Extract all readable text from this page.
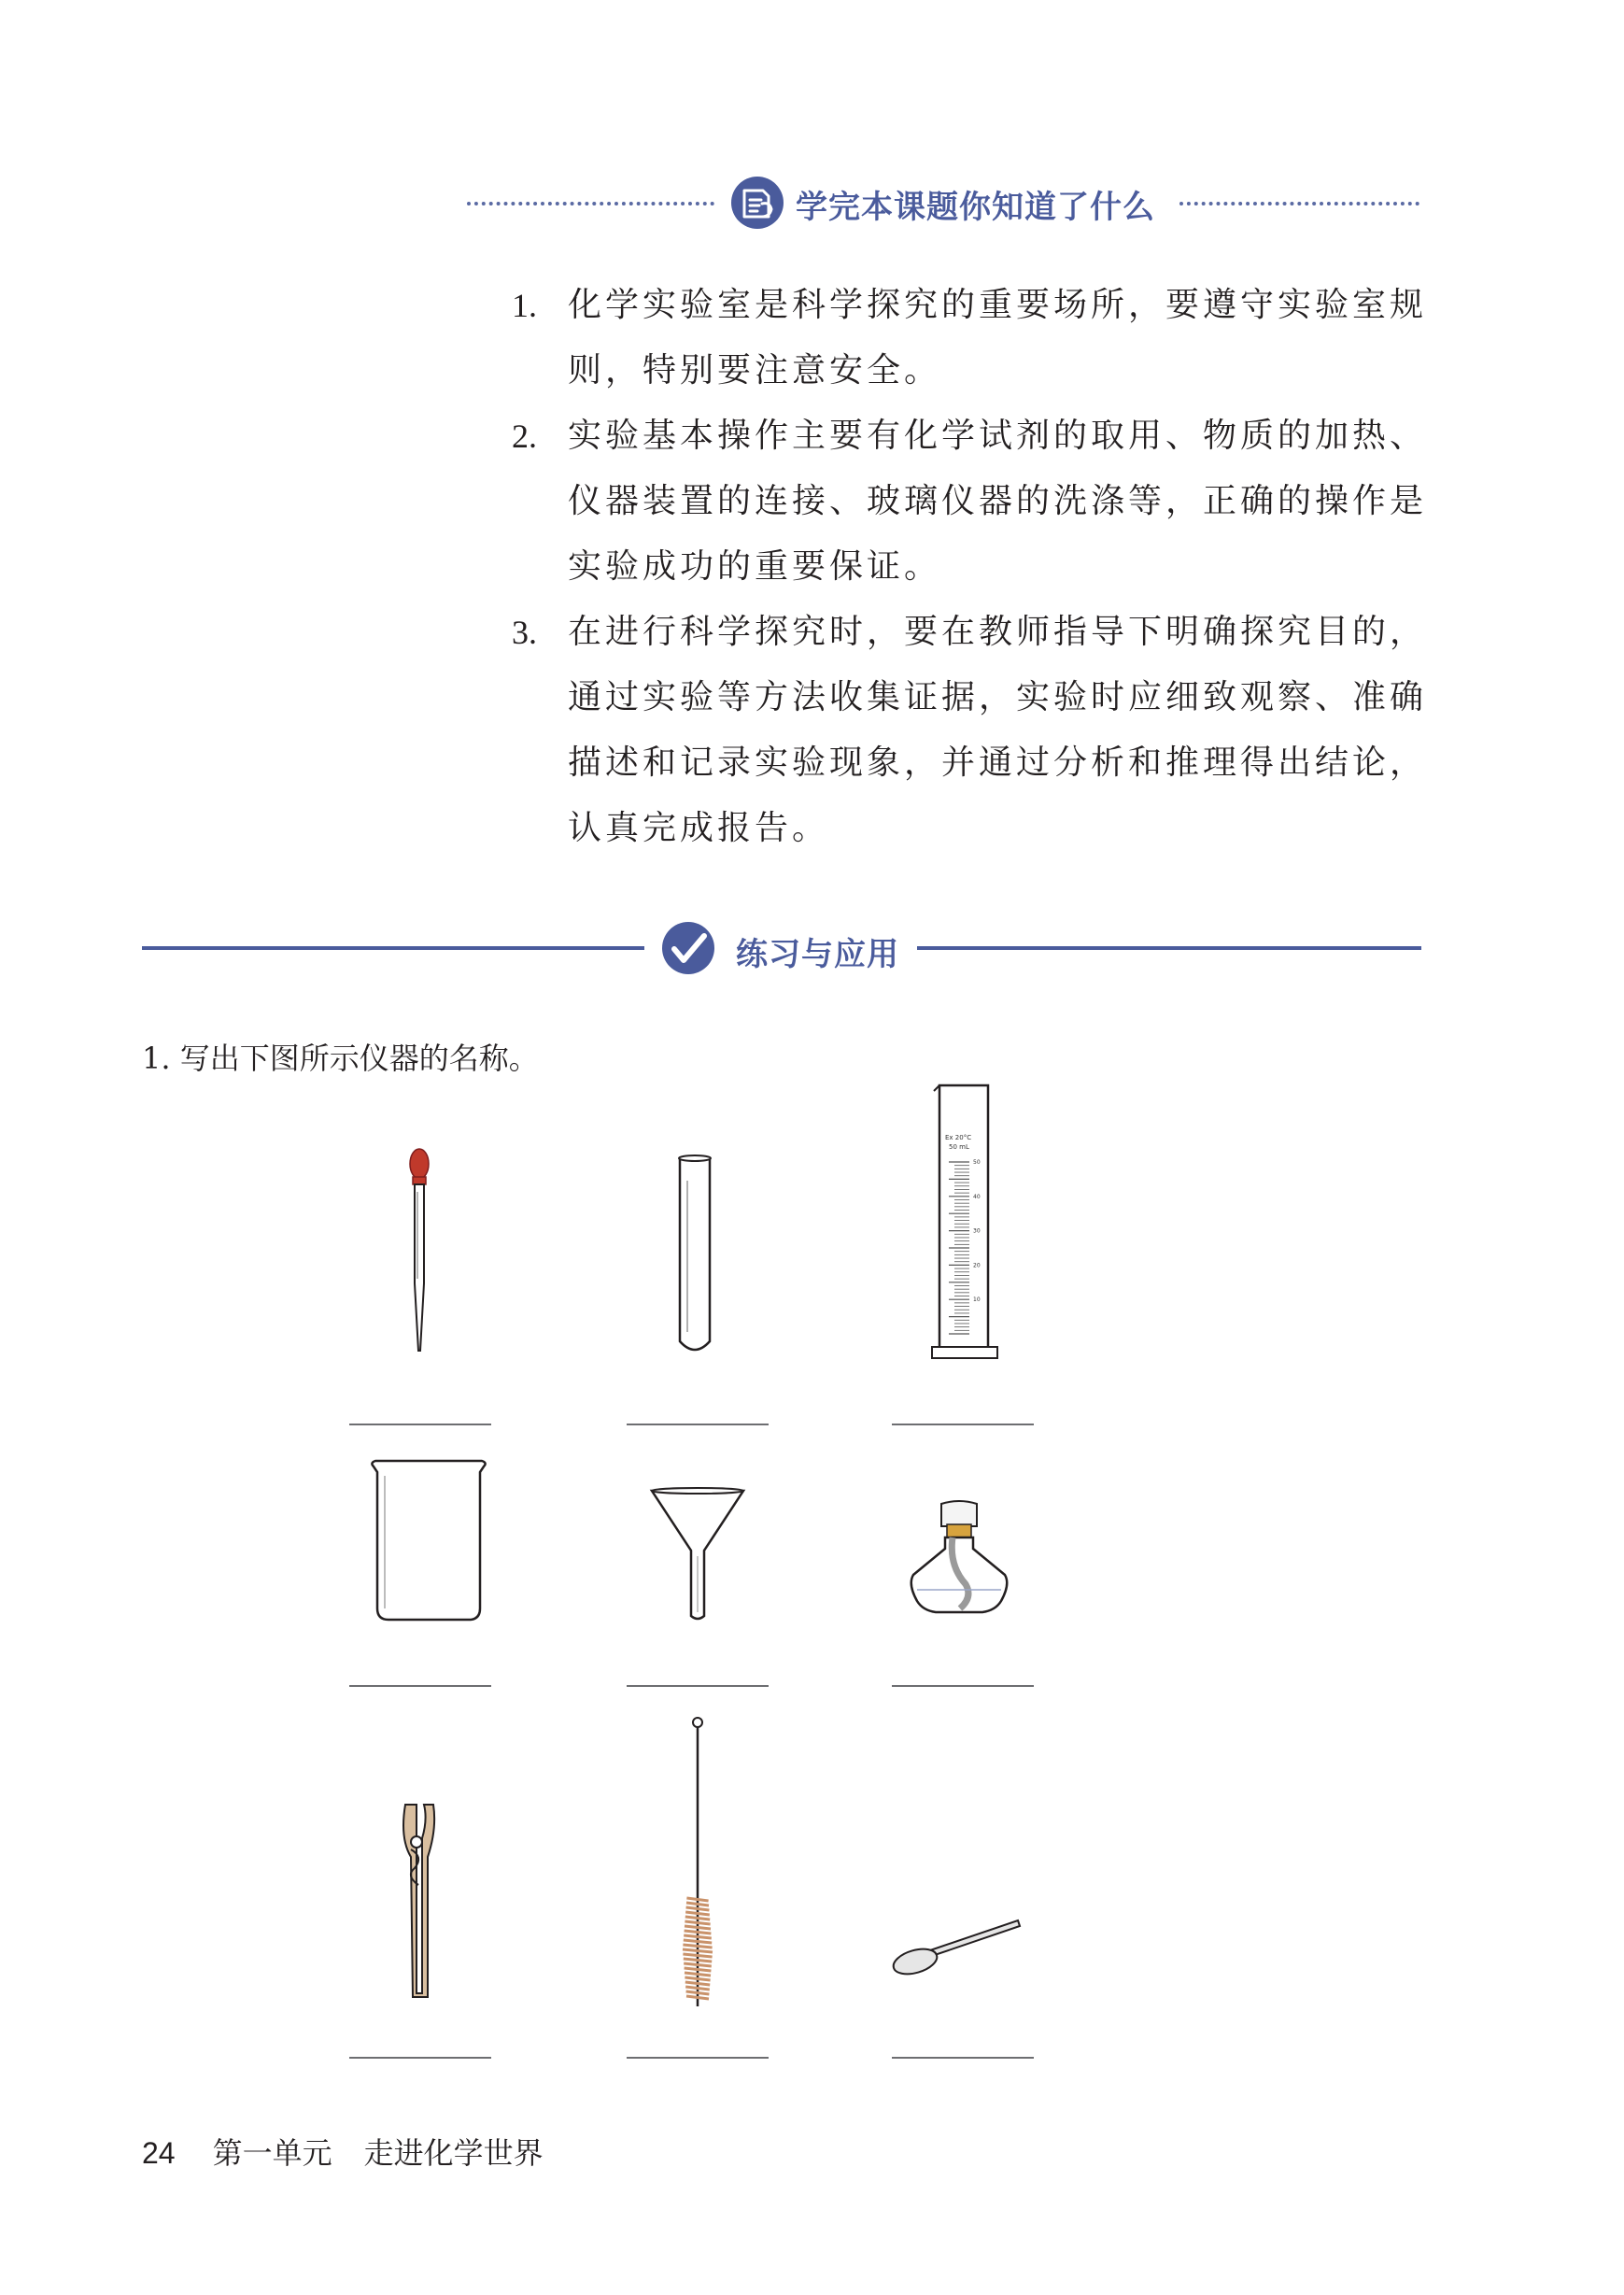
学完本课题你知道了什么

1. 化学实验室是科学探究的重要场所，要遵守实验室规则，特别要注意安全。

2. 实验基本操作主要有化学试剂的取用、物质的加热、仪器装置的连接、玻璃仪器的洗涤等，正确的操作是实验成功的重要保证。

3. 在进行科学探究时，要在教师指导下明确探究目的，通过实验等方法收集证据，实验时应细致观察、准确描述和记录实验现象，并通过分析和推理得出结论，认真完成报告。

练习与应用
1. 写出下图所示仪器的名称。
Ex 20°C
50 mL
50
40
30
20
10
24 第一单元 走进化学世界
